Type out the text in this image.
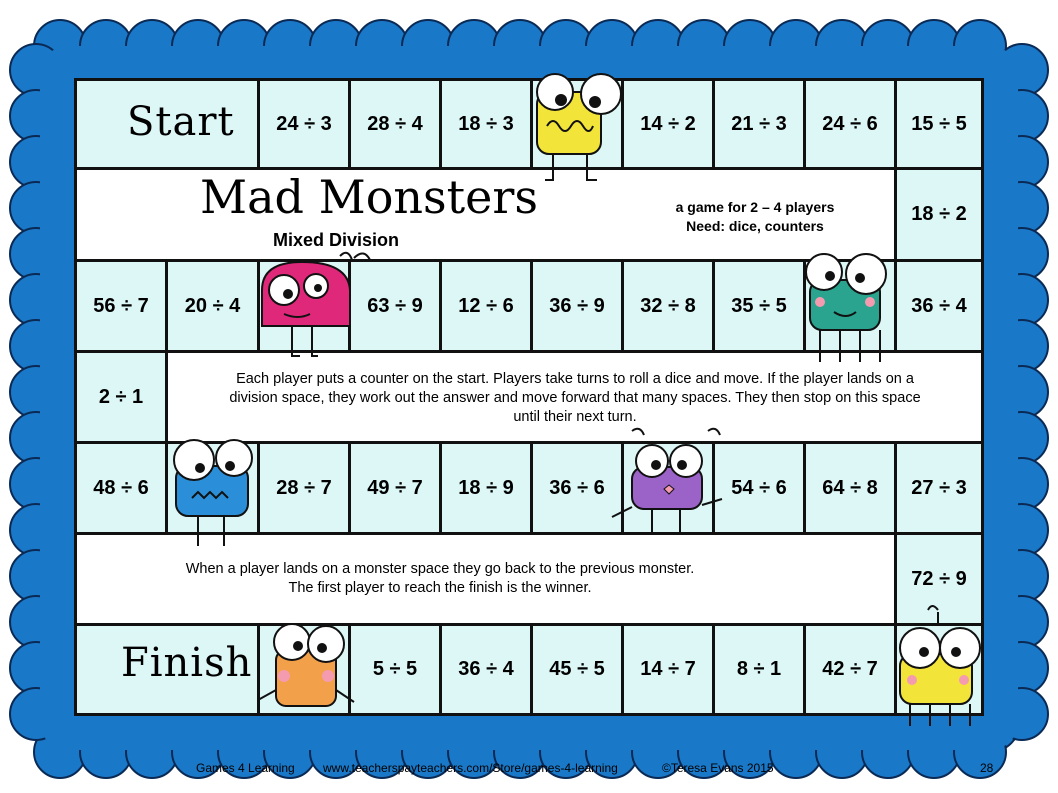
Start	24 ÷ 3	28 ÷ 4	18 ÷ 3	14 ÷ 2	21 ÷ 3	24 ÷ 6	15 ÷ 5
Mad Monsters
Mixed Division
a game for 2 – 4 players
Need: dice, counters
18 ÷ 2
56 ÷ 7	20 ÷ 4	63 ÷ 9	12 ÷ 6	36 ÷ 9	32 ÷ 8	35 ÷ 5	36 ÷ 4
2 ÷ 1
Each player puts a counter on the start. Players take turns to roll a dice and move. If the player lands on a
division space, they work out the answer and move forward that many spaces. They then stop on this space
until their next turn.
48 ÷ 6	28 ÷ 7	49 ÷ 7	18 ÷ 9	36 ÷ 6	54 ÷ 6	64 ÷ 8	27 ÷ 3
When a player lands on a monster space they go back to the previous monster.
The first player to reach the finish is the winner.	72 ÷ 9
Finish	5 ÷ 5	36 ÷ 4	45 ÷ 5	14 ÷ 7	8 ÷ 1	42 ÷ 7
Games 4 Learning www.teacherspayteachers.com/Store/games-4-learning	©Teresa Evans 2015	28
